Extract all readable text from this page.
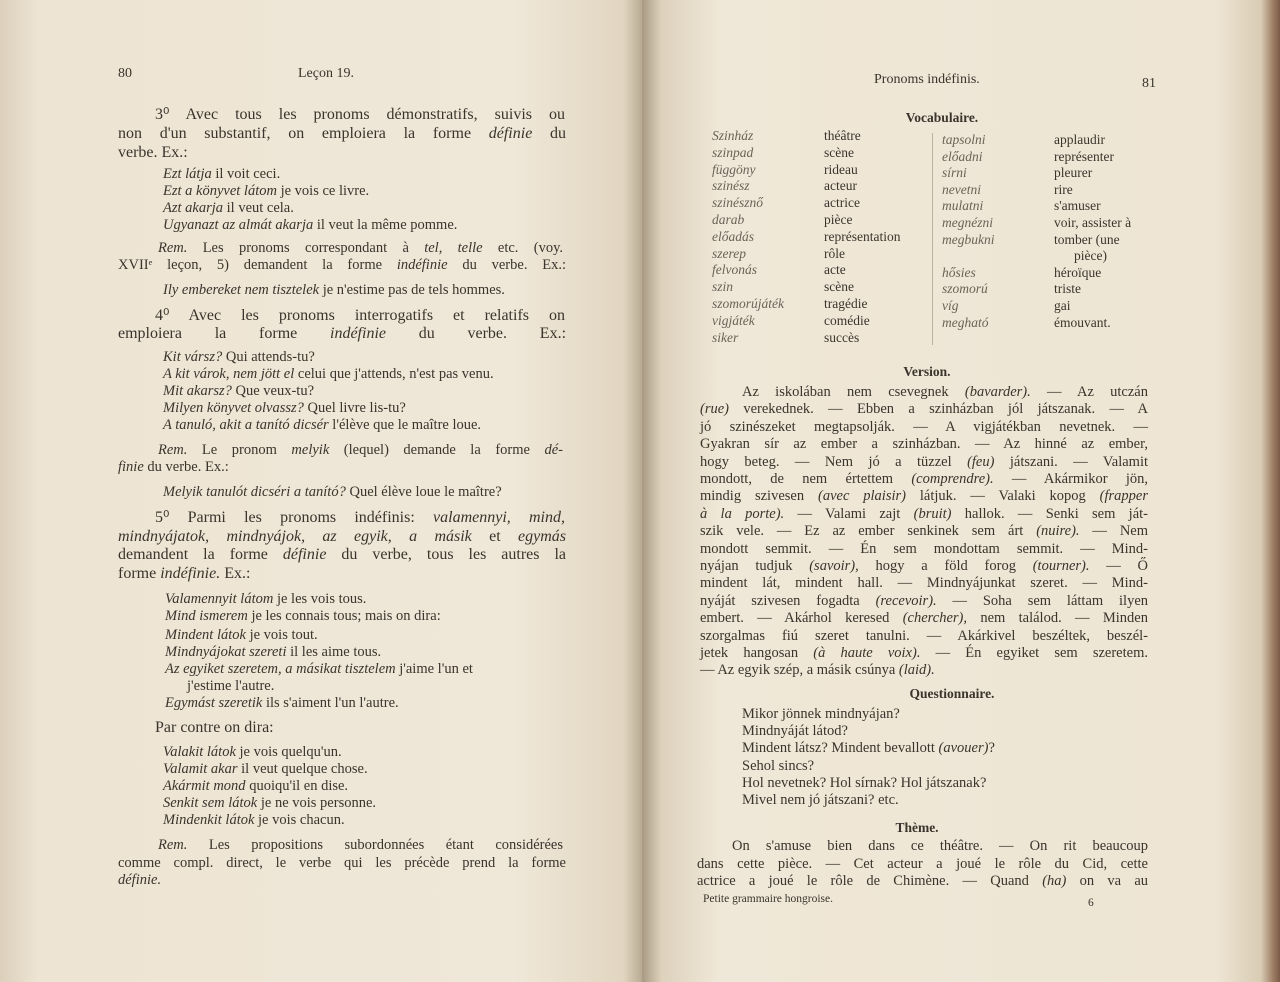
80	Leçon 19.
3⁰ Avec tous les pronoms démonstratifs, suivis ou
non d'un substantif, on emploiera la forme définie du
verbe. Ex.:
Ezt látja il voit ceci.
Ezt a könyvet látom je vois ce livre.
Azt akarja il veut cela.
Ugyanazt az almát akarja il veut la même pomme.
Rem. Les pronoms correspondant à tel, telle etc. (voy.
XVIIᵉ leçon, 5) demandent la forme indéfinie du verbe. Ex.:
Ily embereket nem tisztelek je n'estime pas de tels hommes.
4⁰ Avec les pronoms interrogatifs et relatifs on
emploiera la forme indéfinie du verbe. Ex.:
Kit vársz? Qui attends-tu?
A kit várok, nem jött el celui que j'attends, n'est pas venu.
Mit akarsz? Que veux-tu?
Milyen könyvet olvassz? Quel livre lis-tu?
A tanuló, akit a tanító dicsér l'élève que le maître loue.
Rem. Le pronom melyik (lequel) demande la forme dé-
finie du verbe. Ex.:
Melyik tanulót dicséri a tanító? Quel élève loue le maître?
5⁰ Parmi les pronoms indéfinis: valamennyi, mind,
mindnyájatok, mindnyájok, az egyik, a másik et egymás
demandent la forme définie du verbe, tous les autres la
forme indéfinie. Ex.:
Valamennyit látom je les vois tous.
Mind ismerem je les connais tous; mais on dira:
Mindent látok je vois tout.
Mindnyájokat szereti il les aime tous.
Az egyiket szeretem, a másikat tisztelem j'aime l'un et
j'estime l'autre.
Egymást szeretik ils s'aiment l'un l'autre.
Par contre on dira:
Valakit látok je vois quelqu'un.
Valamit akar il veut quelque chose.
Akármit mond quoiqu'il en dise.
Senkit sem látok je ne vois personne.
Mindenkit látok je vois chacun.
Rem. Les propositions subordonnées étant considérées
comme compl. direct, le verbe qui les précède prend la forme
définie.
Pronoms indéfinis.	81
Vocabulaire.
Szinház	théâtre
szinpad	scène
függöny	rideau
szinész	acteur
szinésznő	actrice
darab	pièce
előadás	représentation
szerep	rôle
felvonás	acte
szin	scène
szomorújáték	tragédie
vigjáték	comédie
siker	succès
tapsolni	applaudir
előadni	représenter
sírni	pleurer
nevetni	rire
mulatni	s'amuser
megnézni	voir, assister à
megbukni	tomber (une
pièce)
hősies	héroïque
szomorú	triste
víg	gai
megható	émouvant.
Version.
Az iskolában nem csevegnek (bavarder). — Az utczán
(rue) verekednek. — Ebben a szinházban jól játszanak. — A
jó szinészeket megtapsolják. — A vigjátékban nevetnek. —
Gyakran sír az ember a szinházban. — Az hinné az ember,
hogy beteg. — Nem jó a tüzzel (feu) játszani. — Valamit
mondott, de nem értettem (comprendre). — Akármikor jön,
mindig szivesen (avec plaisir) látjuk. — Valaki kopog (frapper
à la porte). — Valami zajt (bruit) hallok. — Senki sem ját-
szik vele. — Ez az ember senkinek sem árt (nuire). — Nem
mondott semmit. — Én sem mondottam semmit. — Mind-
nyájan tudjuk (savoir), hogy a föld forog (tourner). — Ő
mindent lát, mindent hall. — Mindnyájunkat szeret. — Mind-
nyáját szivesen fogadta (recevoir). — Soha sem láttam ilyen
embert. — Akárhol keresed (chercher), nem találod. — Minden
szorgalmas fiú szeret tanulni. — Akárkivel beszéltek, beszél-
jetek hangosan (à haute voix). — Én egyiket sem szeretem.
— Az egyik szép, a másik csúnya (laid).
Questionnaire.
Mikor jönnek mindnyájan?
Mindnyáját látod?
Mindent látsz? Mindent bevallott (avouer)?
Sehol sincs?
Hol nevetnek? Hol sírnak? Hol játszanak?
Mivel nem jó játszani? etc.
Thème.
On s'amuse bien dans ce théâtre. — On rit beaucoup
dans cette pièce. — Cet acteur a joué le rôle du Cid, cette
actrice a joué le rôle de Chimène. — Quand (ha) on va au
Petite grammaire hongroise.	6
